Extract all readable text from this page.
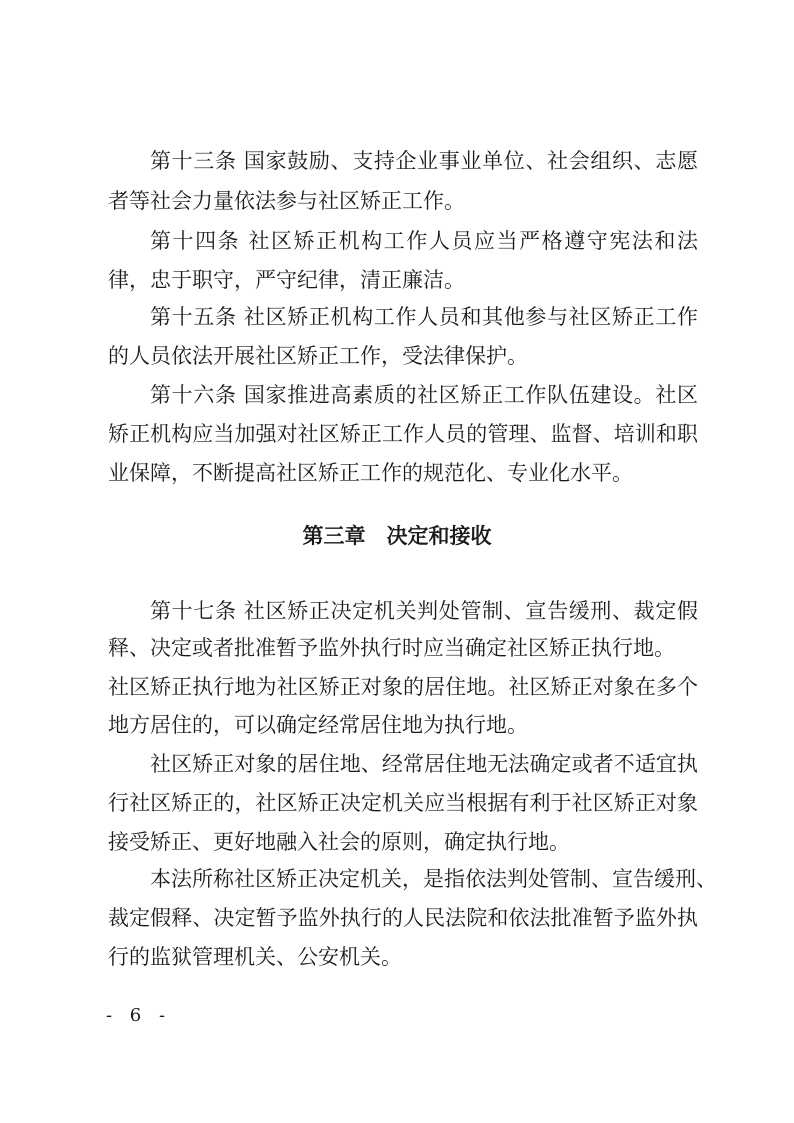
第十三条 国家鼓励、支持企业事业单位、社会组织、志愿

者等社会力量依法参与社区矫正工作。

第十四条 社区矫正机构工作人员应当严格遵守宪法和法

律，忠于职守，严守纪律，清正廉洁。

第十五条 社区矫正机构工作人员和其他参与社区矫正工作

的人员依法开展社区矫正工作，受法律保护。

第十六条 国家推进高素质的社区矫正工作队伍建设。社区

矫正机构应当加强对社区矫正工作人员的管理、监督、培训和职

业保障，不断提高社区矫正工作的规范化、专业化水平。

第三章　决定和接收

第十七条 社区矫正决定机关判处管制、宣告缓刑、裁定假

释、决定或者批准暂予监外执行时应当确定社区矫正执行地。

社区矫正执行地为社区矫正对象的居住地。社区矫正对象在多个

地方居住的，可以确定经常居住地为执行地。

社区矫正对象的居住地、经常居住地无法确定或者不适宜执

行社区矫正的，社区矫正决定机关应当根据有利于社区矫正对象

接受矫正、更好地融入社会的原则，确定执行地。

本法所称社区矫正决定机关，是指依法判处管制、宣告缓刑、

裁定假释、决定暂予监外执行的人民法院和依法批准暂予监外执

行的监狱管理机关、公安机关。

- 6 -
